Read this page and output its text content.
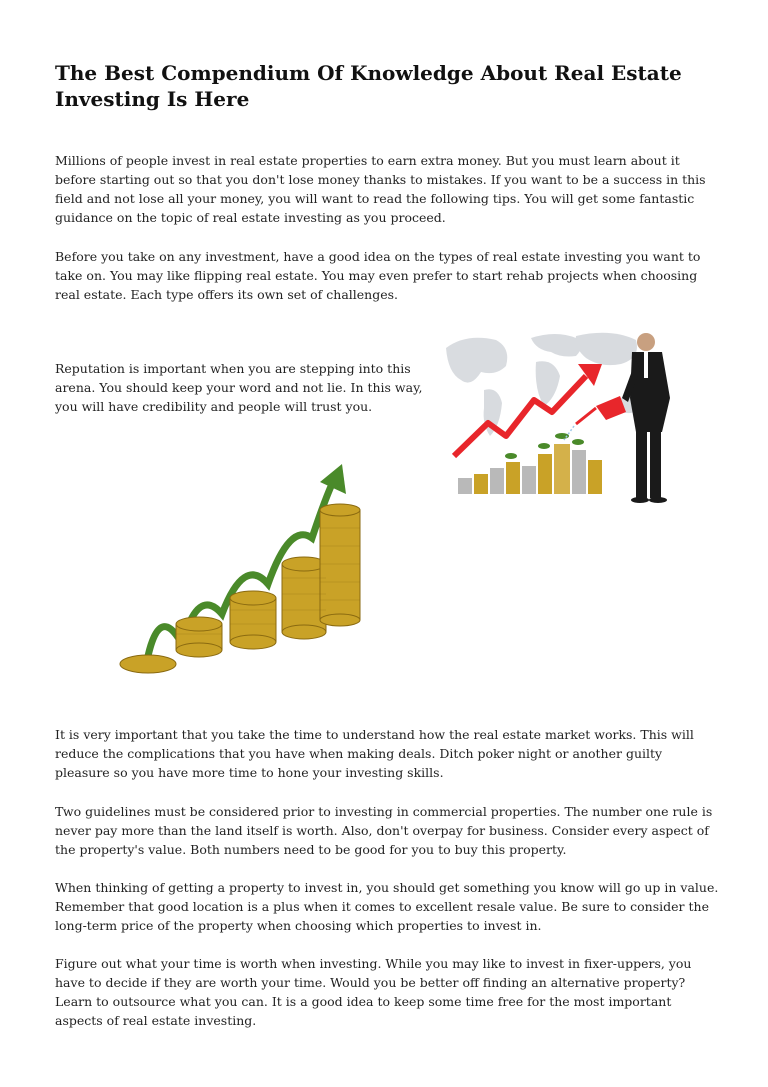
The Best Compendium Of Knowledge About Real Estate Investing Is Here

Millions of people invest in real estate properties to earn extra money. But you must learn about it before starting out so that you don't lose money thanks to mistakes. If you want to be a success in this field and not lose all your money, you will want to read the following tips. You will get some fantastic guidance on the topic of real estate investing as you proceed.

Before you take on any investment, have a good idea on the types of real estate investing you want to take on. You may like flipping real estate. You may even prefer to start rehab projects when choosing real estate. Each type offers its own set of challenges.

Reputation is important when you are stepping into this arena. You should keep your word and not lie. In this way, you will have credibility and people will trust you.

It is very important that you take the time to understand how the real estate market works. This will reduce the complications that you have when making deals. Ditch poker night or another guilty pleasure so you have more time to hone your investing skills.

Two guidelines must be considered prior to investing in commercial properties. The number one rule is never pay more than the land itself is worth. Also, don't overpay for business. Consider every aspect of the property's value. Both numbers need to be good for you to buy this property.

When thinking of getting a property to invest in, you should get something you know will go up in value. Remember that good location is a plus when it comes to excellent resale value. Be sure to consider the long-term price of the property when choosing which properties to invest in.

Figure out what your time is worth when investing. While you may like to invest in fixer-uppers, you have to decide if they are worth your time. Would you be better off finding an alternative property? Learn to outsource what you can. It is a good idea to keep some time free for the most important aspects of real estate investing.
